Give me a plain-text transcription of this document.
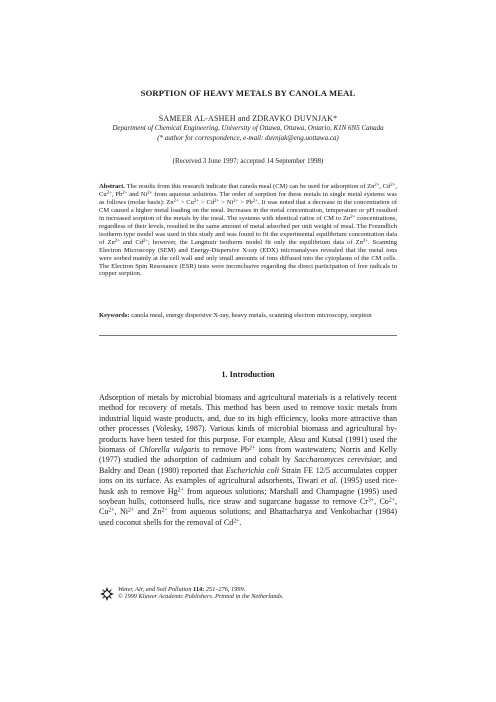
SORPTION OF HEAVY METALS BY CANOLA MEAL
SAMEER AL-ASHEH and ZDRAVKO DUVNJAK*
Department of Chemical Engineering, University of Ottawa, Ottawa, Ontario, K1N 6N5 Canada
(* author for correspondence, e-mail: duvnjak@eng.uottawa.ca)
(Received 3 June 1997; accepted 14 September 1998)
Abstract. The results from this research indicate that canola meal (CM) can be used for adsorption of $Zn^{2+}$, $Cd^{2+}$, $Cu^{2+}$, $Pb^{2+}$ and $Ni^{2+}$ from aqueous solutions. The order of sorption for these metals in single metal systems was as follows (molar basis): $Zn^{2+} > Cu^{2+} > Cd^{2+} > Ni^{2+} > Pb^{2+}$. It was noted that a decrease in the concentration of CM caused a higher metal loading on the meal. Increases in the metal concentration, temperature or pH resulted in increased sorption of the metals by the meal. The systems with identical ratios of CM to $Zn^{2+}$ concentrations, regardless of their levels, resulted in the same amount of metal adsorbed per unit weight of meal. The Freundlich isotherm type model was used in this study and was found to fit the experimental equilibrium concentration data of $Zn^{2+}$ and $Cd^{2+}$; however, the Langmuir isotherm model fit only the equilibrium data of $Zn^{2+}$. Scanning Electron Microscopy (SEM) and Energy-Dispersive X-ray (EDX) microanalyses revealed that the metal ions were sorbed mainly at the cell wall and only small amounts of ions diffused into the cytoplasm of the CM cells. The Electron Spin Resonance (ESR) tests were inconclusive regarding the direct participation of free radicals in copper sorption.
Keywords: canola meal, energy dispersive X-ray, heavy metals, scanning electron microscopy, sorption
1. Introduction
Adsorption of metals by microbial biomass and agricultural materials is a relatively recent method for recovery of metals. This method has been used to remove toxic metals from industrial liquid waste products, and, due to its high efficiency, looks more attractive than other processes (Volesky, 1987). Various kinds of microbial biomass and agricultural by-products have been tested for this purpose. For example, Aksu and Kutsal (1991) used the biomass of Chlorella vulgaris to remove $Pb^{2+}$ ions from wastewaters; Norris and Kelly (1977) studied the adsorption of cadmium and cobalt by Saccharomyces cerevisiae; and Baldry and Dean (1980) reported that Escherichia coli Strain FE 12/5 accumulates copper ions on its surface. As examples of agricultural adsorbents, Tiwari et al. (1995) used rice-husk ash to remove $Hg^{2+}$ from aqueous solutions; Marshall and Champagne (1995) used soybean hulls, cottonseed hulls, rice straw and sugarcane bagasse to remove $Cr^{3+}$, $Co^{2+}$, $Cu^{2+}$, $Ni^{2+}$ and $Zn^{2+}$ from aqueous solutions; and Bhattacharya and Venkobachar (1984) used coconut shells for the removal of $Cd^{2+}$.
Water, Air, and Soil Pollution 114: 251–276, 1999.
© 1999 Kluwer Academic Publishers. Printed in the Netherlands.
